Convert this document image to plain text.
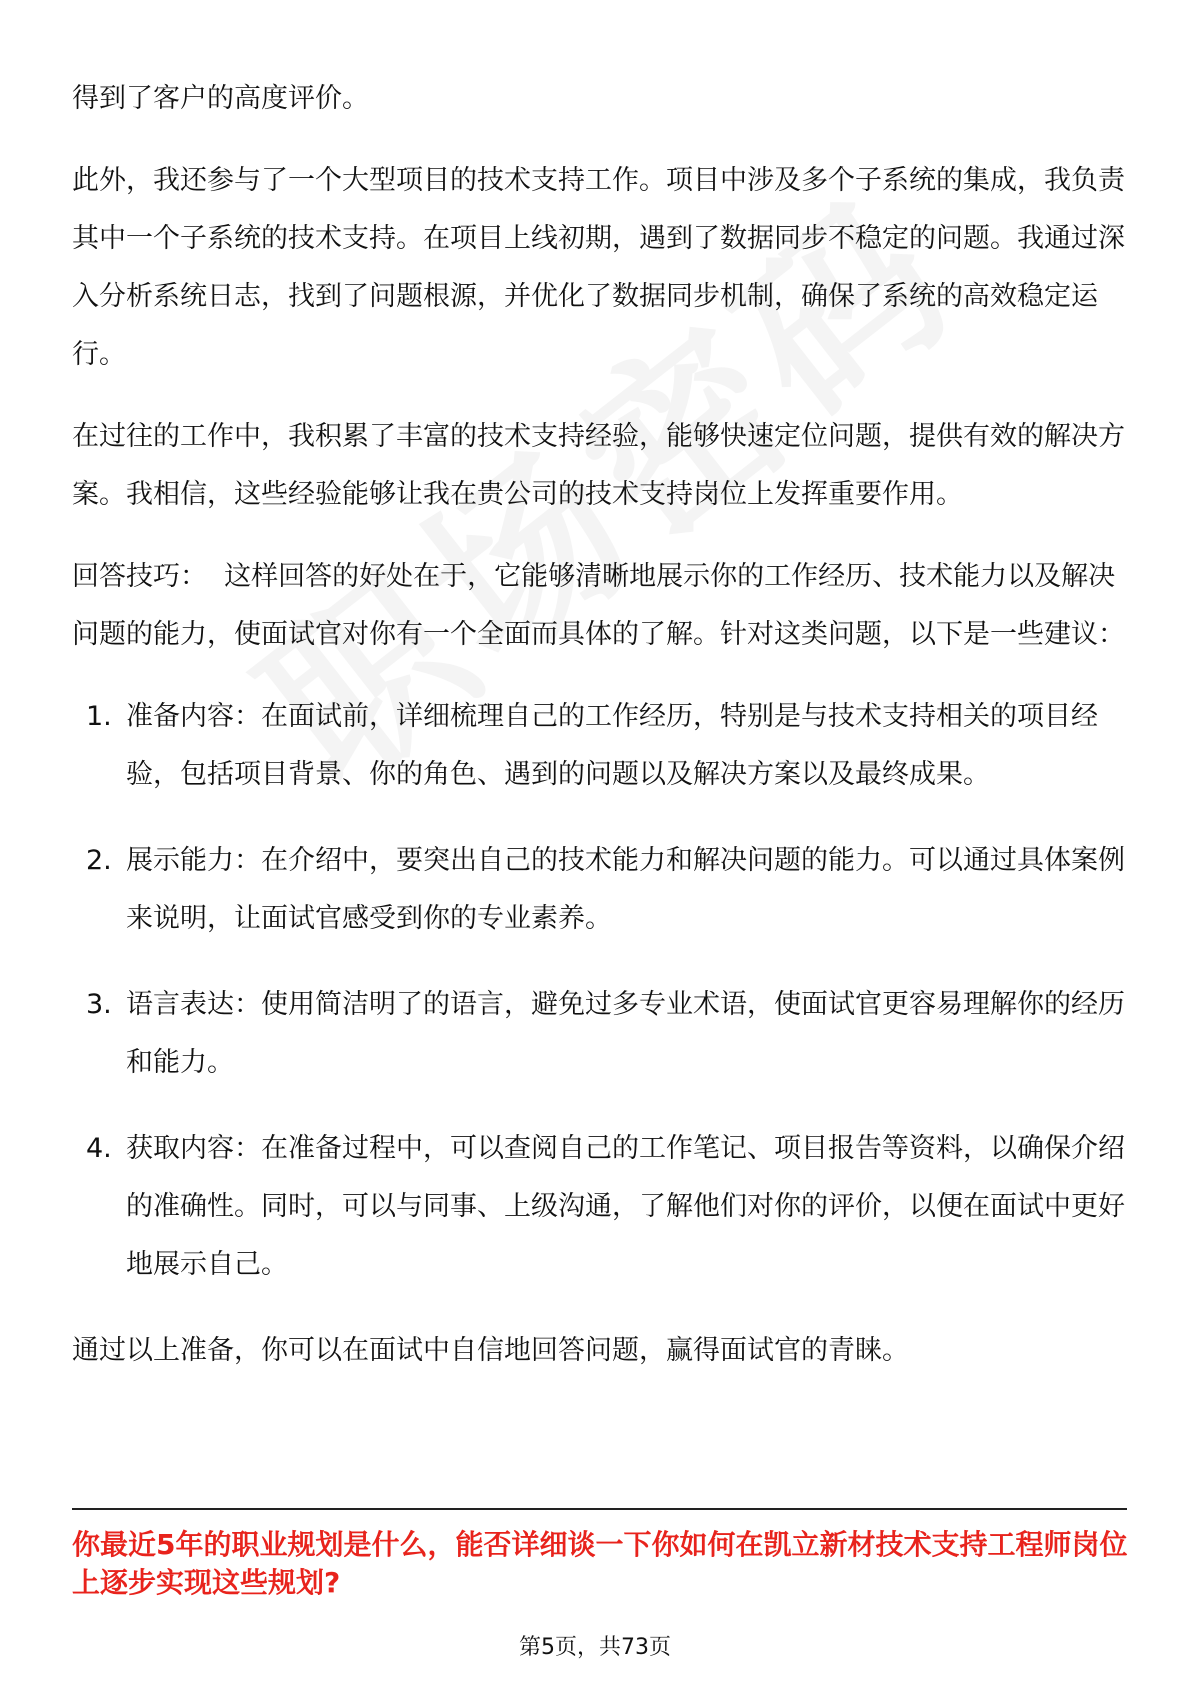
得到了客户的高度评价。

此外，我还参与了一个大型项目的技术支持工作。项目中涉及多个子系统的集成，我负责其中一个子系统的技术支持。在项目上线初期，遇到了数据同步不稳定的问题。我通过深入分析系统日志，找到了问题根源，并优化了数据同步机制，确保了系统的高效稳定运行。

在过往的工作中，我积累了丰富的技术支持经验，能够快速定位问题，提供有效的解决方案。我相信，这些经验能够让我在贵公司的技术支持岗位上发挥重要作用。

回答技巧： 这样回答的好处在于，它能够清晰地展示你的工作经历、技术能力以及解决问题的能力，使面试官对你有一个全面而具体的了解。针对这类问题，以下是一些建议：

1. 准备内容：在面试前，详细梳理自己的工作经历，特别是与技术支持相关的项目经验，包括项目背景、你的角色、遇到的问题以及解决方案以及最终成果。
2. 展示能力：在介绍中，要突出自己的技术能力和解决问题的能力。可以通过具体案例来说明，让面试官感受到你的专业素养。
3. 语言表达：使用简洁明了的语言，避免过多专业术语，使面试官更容易理解你的经历和能力。
4. 获取内容：在准备过程中，可以查阅自己的工作笔记、项目报告等资料，以确保介绍的准确性。同时，可以与同事、上级沟通，了解他们对你的评价，以便在面试中更好地展示自己。

通过以上准备，你可以在面试中自信地回答问题，赢得面试官的青睐。

你最近5年的职业规划是什么，能否详细谈一下你如何在凯立新材技术支持工程师岗位上逐步实现这些规划?
第5页，共73页
